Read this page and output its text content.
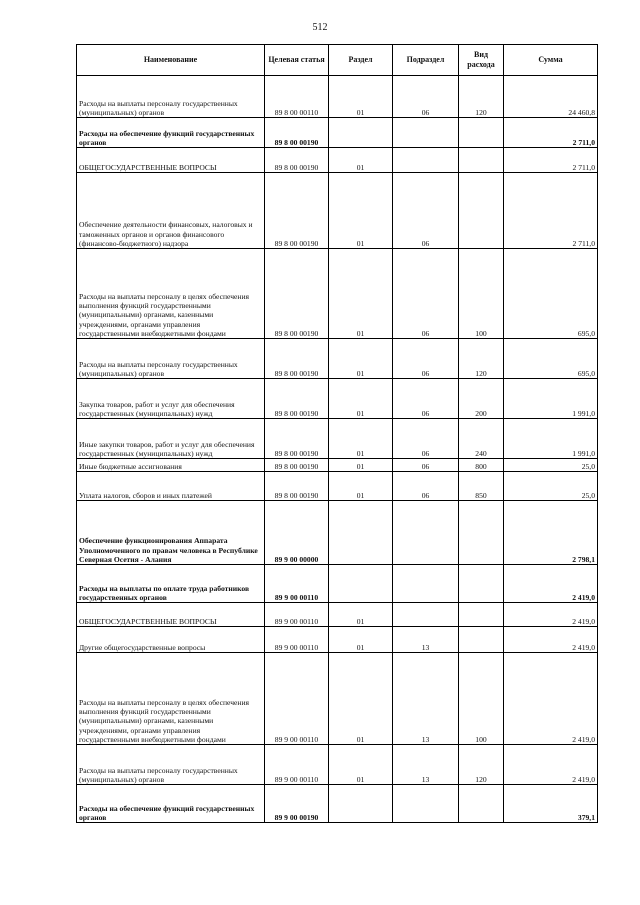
512
Наименование	Целевая статья	Раздел	Подраздел	Вид расхода	Сумма
Расходы на выплаты персоналу государственных (муниципальных) органов	89 8 00 00110	01	06	120	24 460,8
Расходы на обеспечение функций государственных органов	89 8 00 00190				2 711,0
ОБЩЕГОСУДАРСТВЕННЫЕ ВОПРОСЫ	89 8 00 00190	01			2 711,0
Обеспечение деятельности финансовых, налоговых и таможенных органов и органов финансового (финансово-бюджетного) надзора	89 8 00 00190	01	06		2 711,0
Расходы на выплаты персоналу в целях обеспечения выполнения функций государственными (муниципальными) органами, казенными учреждениями, органами управления государственными внебюджетными фондами	89 8 00 00190	01	06	100	695,0
Расходы на выплаты персоналу государственных (муниципальных) органов	89 8 00 00190	01	06	120	695,0
Закупка товаров, работ и услуг для обеспечения государственных (муниципальных) нужд	89 8 00 00190	01	06	200	1 991,0
Иные закупки товаров, работ и услуг для обеспечения государственных (муниципальных) нужд	89 8 00 00190	01	06	240	1 991,0
Иные бюджетные ассигнования	89 8 00 00190	01	06	800	25,0
Уплата налогов, сборов и иных платежей	89 8 00 00190	01	06	850	25,0
Обеспечение функционирования Аппарата Уполномоченного по правам человека в Республике Северная Осетия - Алания	89 9 00 00000				2 798,1
Расходы на выплаты по оплате труда работников государственных органов	89 9 00 00110				2 419,0
ОБЩЕГОСУДАРСТВЕННЫЕ ВОПРОСЫ	89 9 00 00110	01			2 419,0
Другие общегосударственные вопросы	89 9 00 00110	01	13		2 419,0
Расходы на выплаты персоналу в целях обеспечения выполнения функций государственными (муниципальными) органами, казенными учреждениями, органами управления государственными внебюджетными фондами	89 9 00 00110	01	13	100	2 419,0
Расходы на выплаты персоналу государственных (муниципальных) органов	89 9 00 00110	01	13	120	2 419,0
Расходы на обеспечение функций государственных органов	89 9 00 00190				379,1
